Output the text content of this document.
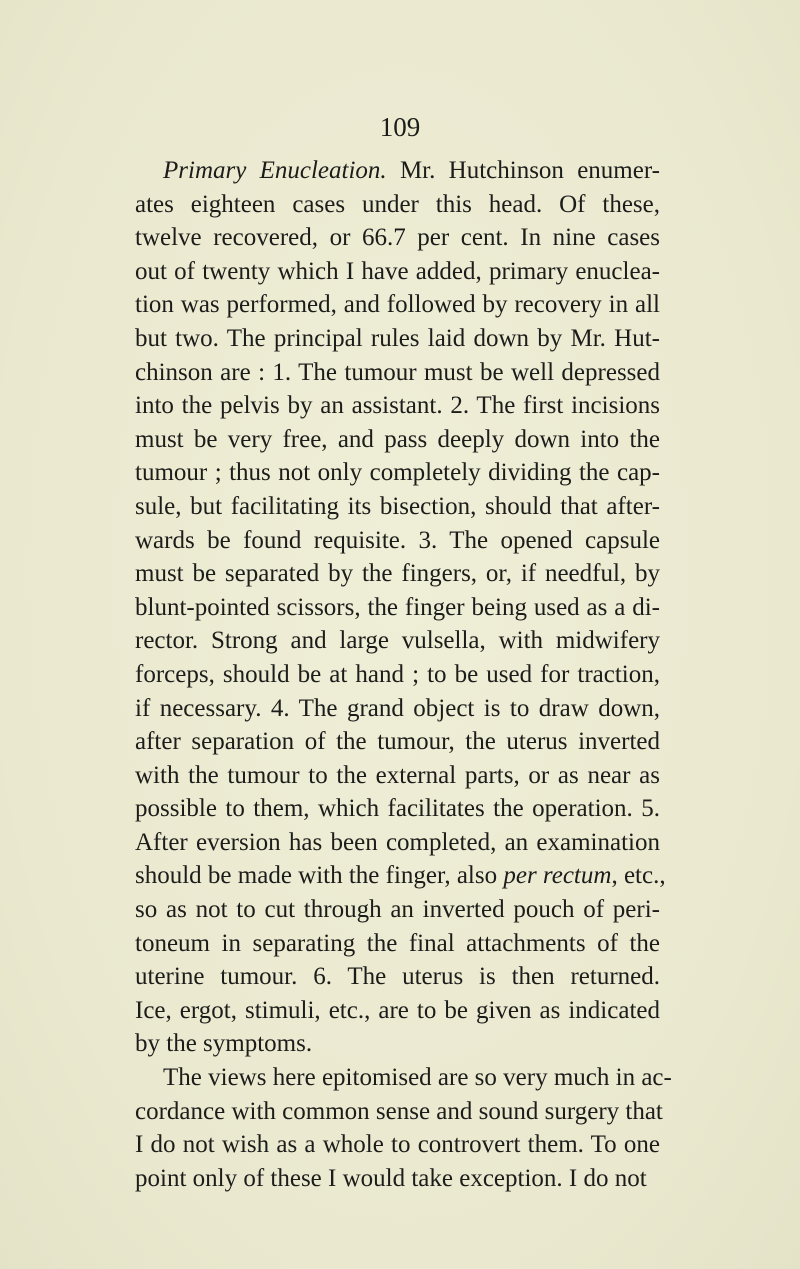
109
Primary Enucleation. Mr. Hutchinson enumer-
ates eighteen cases under this head. Of these,
twelve recovered, or 66.7 per cent. In nine cases
out of twenty which I have added, primary enuclea-
tion was performed, and followed by recovery in all
but two. The principal rules laid down by Mr. Hut-
chinson are : 1. The tumour must be well depressed
into the pelvis by an assistant. 2. The first incisions
must be very free, and pass deeply down into the
tumour ; thus not only completely dividing the cap-
sule, but facilitating its bisection, should that after-
wards be found requisite. 3. The opened capsule
must be separated by the fingers, or, if needful, by
blunt-pointed scissors, the finger being used as a di-
rector. Strong and large vulsella, with midwifery
forceps, should be at hand ; to be used for traction,
if necessary. 4. The grand object is to draw down,
after separation of the tumour, the uterus inverted
with the tumour to the external parts, or as near as
possible to them, which facilitates the operation. 5.
After eversion has been completed, an examination
should be made with the finger, also per rectum, etc.,
so as not to cut through an inverted pouch of peri-
toneum in separating the final attachments of the
uterine tumour. 6. The uterus is then returned.
Ice, ergot, stimuli, etc., are to be given as indicated
by the symptoms.
The views here epitomised are so very much in ac-
cordance with common sense and sound surgery that
I do not wish as a whole to controvert them. To one
point only of these I would take exception. I do not
